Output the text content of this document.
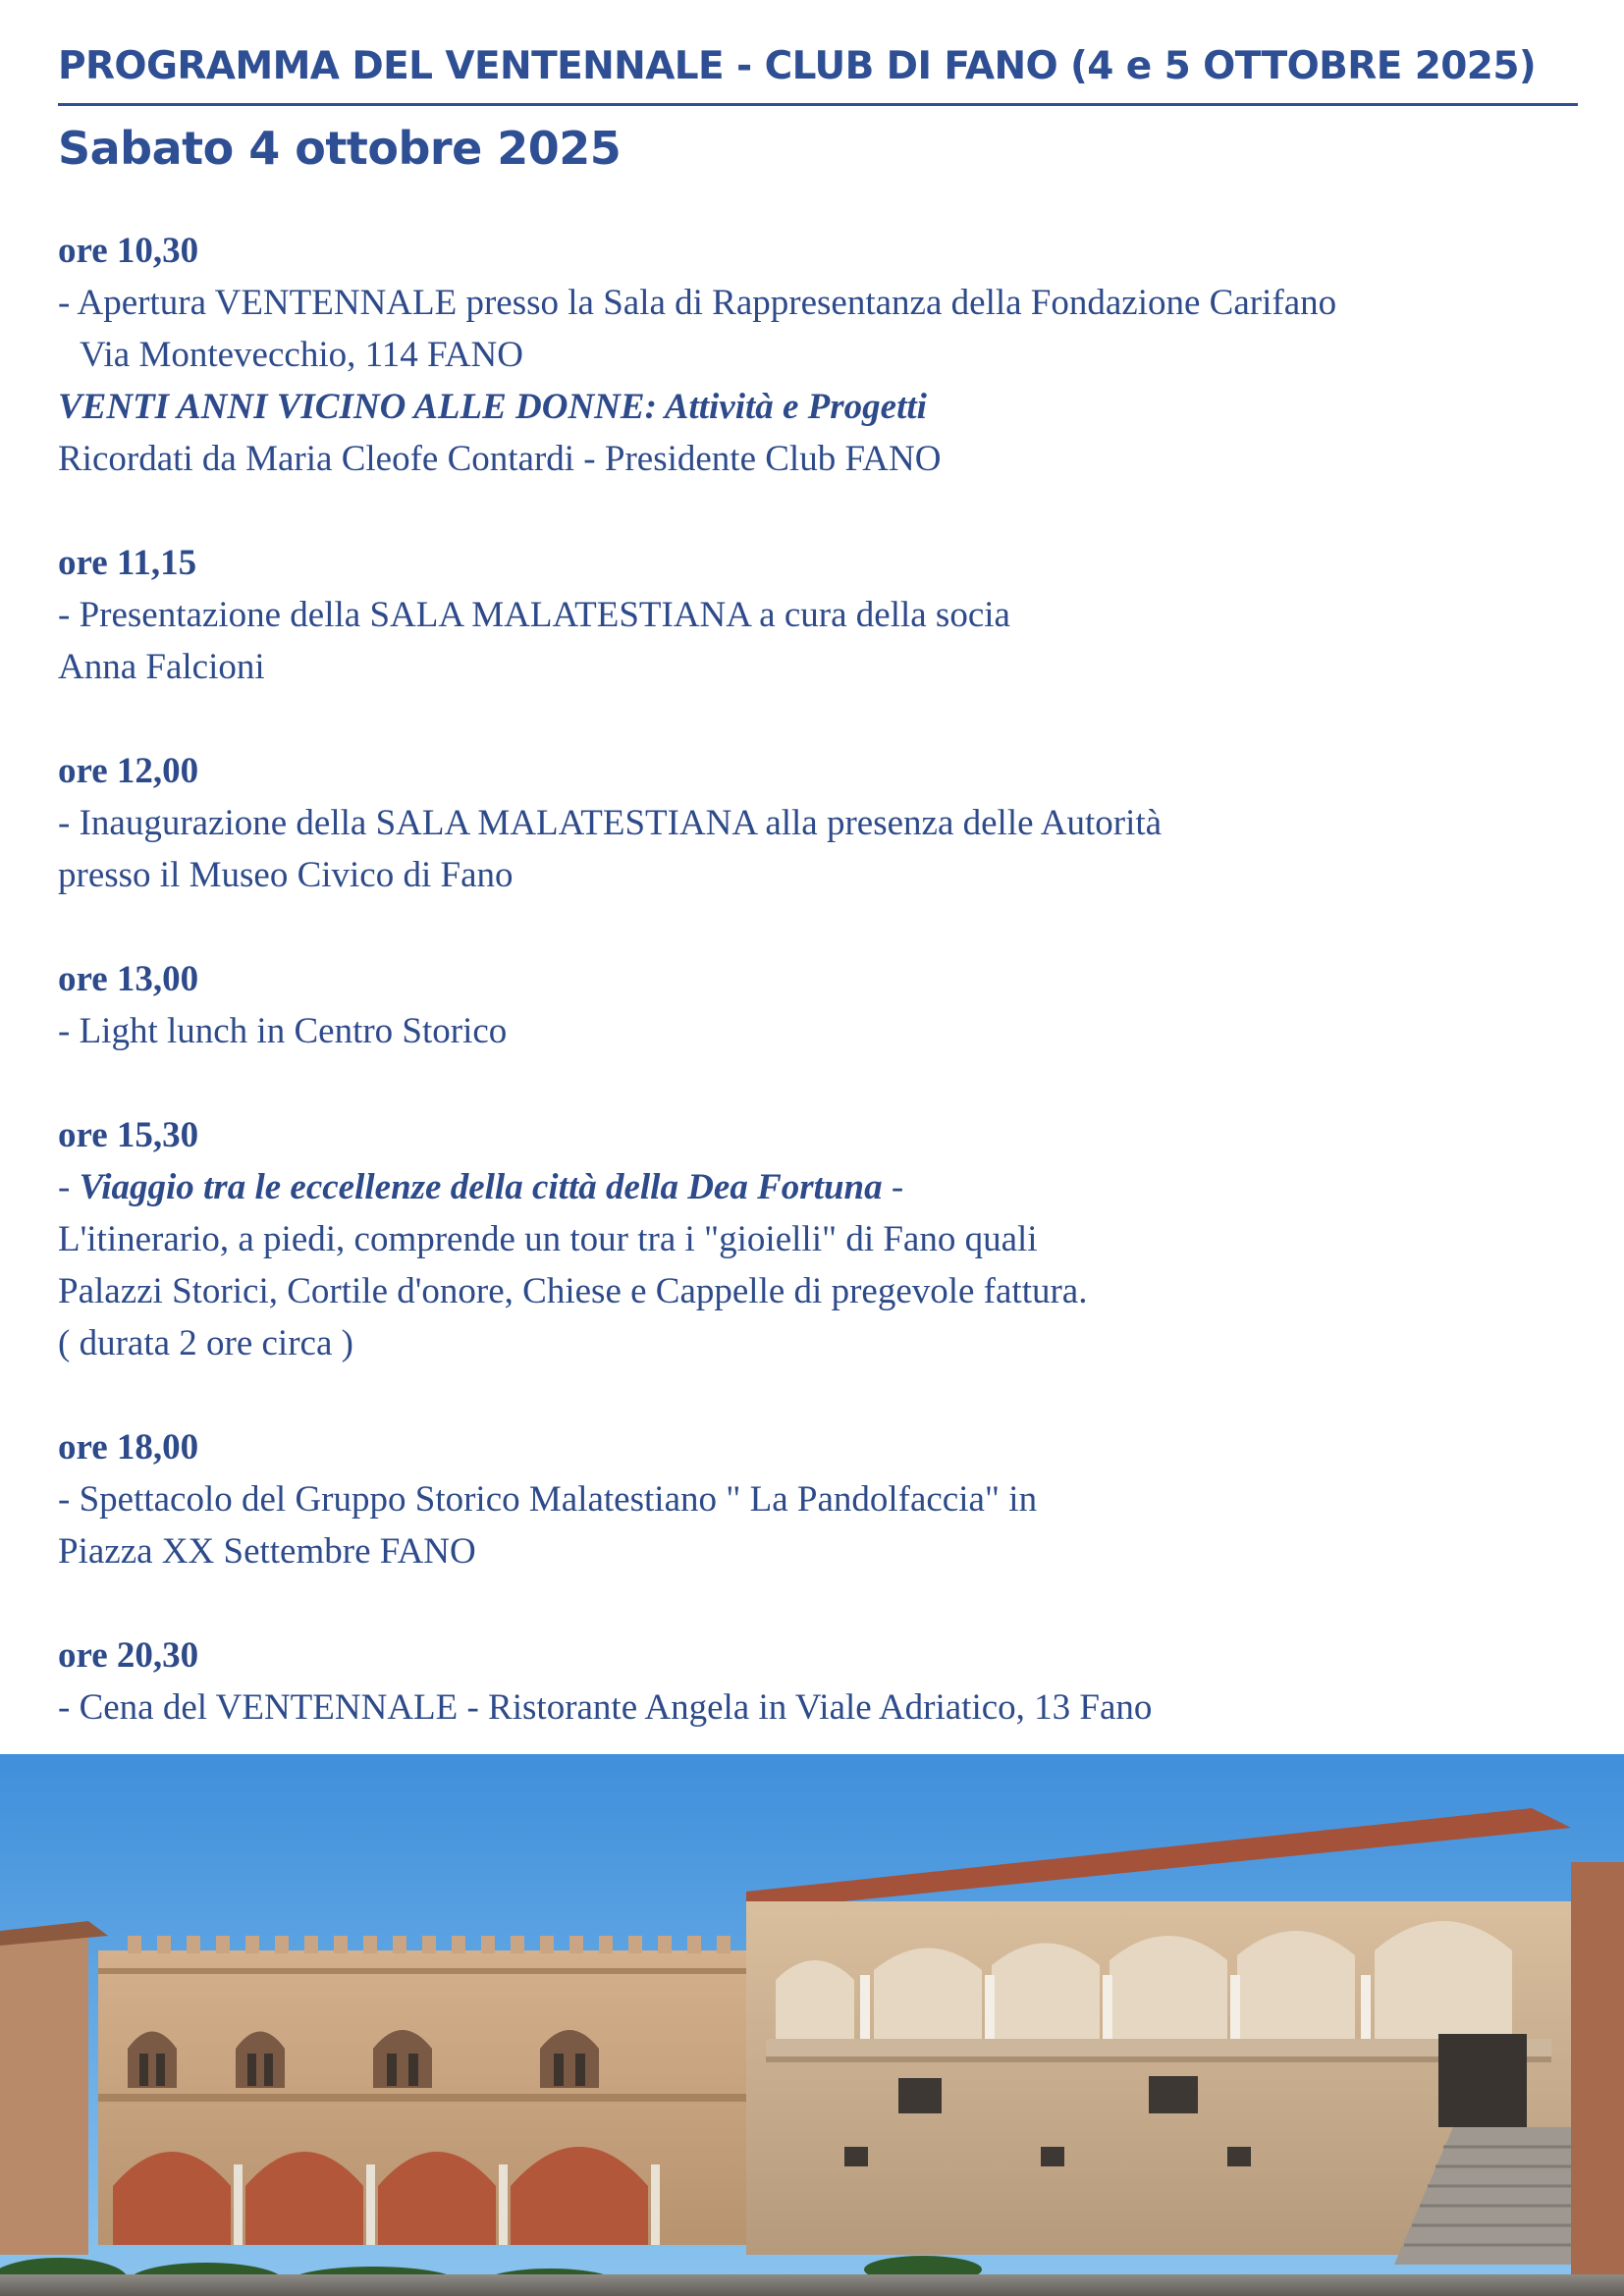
PROGRAMMA DEL VENTENNALE - CLUB DI FANO (4 e 5 OTTOBRE 2025)
Sabato 4 ottobre 2025
ore 10,30
- Apertura VENTENNALE presso la Sala di Rappresentanza della Fondazione Carifano
Via Montevecchio, 114 FANO
VENTI ANNI VICINO ALLE DONNE: Attività e Progetti
Ricordati da Maria Cleofe Contardi - Presidente Club FANO
ore 11,15
- Presentazione della SALA MALATESTIANA a cura della socia
Anna Falcioni
ore 12,00
- Inaugurazione della SALA MALATESTIANA alla presenza delle Autorità
presso il Museo Civico di Fano
ore 13,00
- Light lunch in Centro Storico
ore 15,30
- Viaggio tra le eccellenze della città della Dea Fortuna -
L'itinerario, a piedi, comprende un tour tra i "gioielli" di Fano quali
Palazzi Storici, Cortile d'onore, Chiese e Cappelle di pregevole fattura.
( durata 2 ore circa )
ore 18,00
- Spettacolo del Gruppo Storico Malatestiano " La Pandolfaccia" in
Piazza XX Settembre FANO
ore 20,30
- Cena del VENTENNALE - Ristorante Angela in Viale Adriatico, 13 Fano
